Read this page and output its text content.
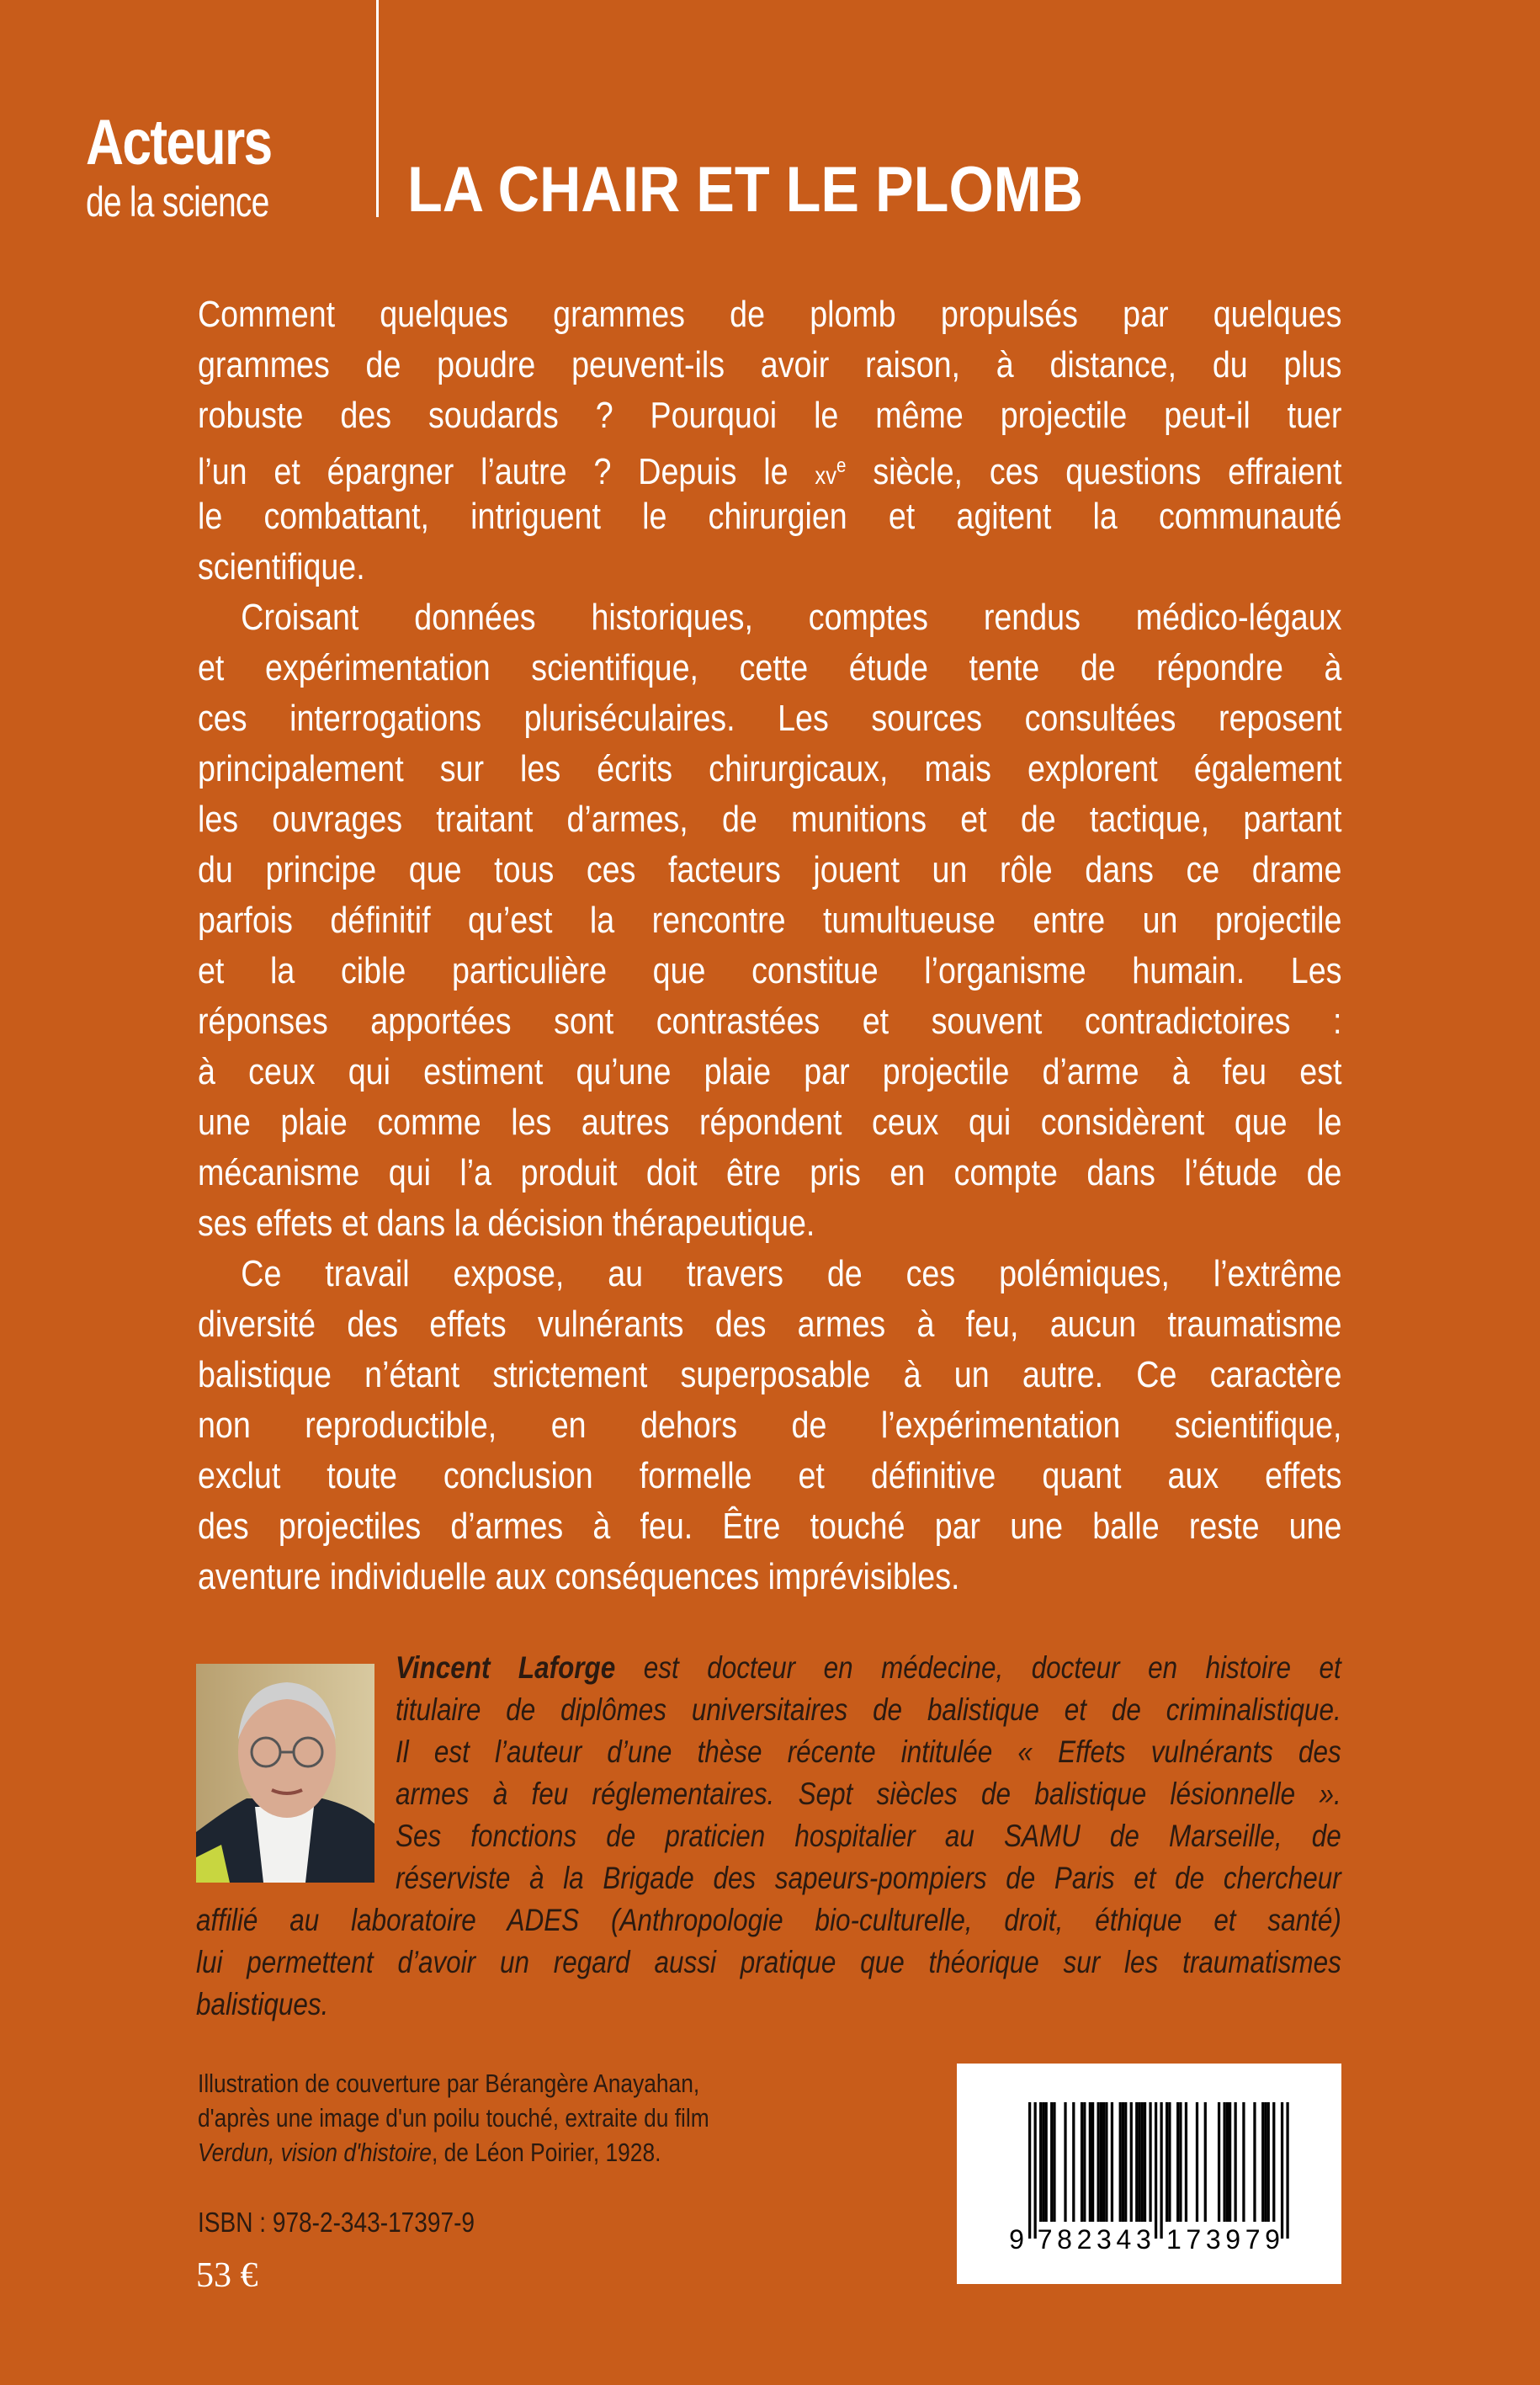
Acteurs
de la science LA CHAIR ET LE PLOMB
Comment quelques grammes de plomb propulsés par quelques
grammes de poudre peuvent-ils avoir raison, à distance, du plus
robuste des soudards ? Pourquoi le même projectile peut-il tuer
l’un et épargner l’autre ? Depuis le $xv^e$ siècle, ces questions effraient
le combattant, intriguent le chirurgien et agitent la communauté
scientifique.
Croisant données historiques, comptes rendus médico-légaux
et expérimentation scientifique, cette étude tente de répondre à
ces interrogations pluriséculaires. Les sources consultées reposent
principalement sur les écrits chirurgicaux, mais explorent également
les ouvrages traitant d’armes, de munitions et de tactique, partant
du principe que tous ces facteurs jouent un rôle dans ce drame
parfois définitif qu’est la rencontre tumultueuse entre un projectile
et la cible particulière que constitue l’organisme humain. Les
réponses apportées sont contrastées et souvent contradictoires :
à ceux qui estiment qu’une plaie par projectile d’arme à feu est
une plaie comme les autres répondent ceux qui considèrent que le
mécanisme qui l’a produit doit être pris en compte dans l’étude de
ses effets et dans la décision thérapeutique.
Ce travail expose, au travers de ces polémiques, l’extrême
diversité des effets vulnérants des armes à feu, aucun traumatisme
balistique n’étant strictement superposable à un autre. Ce caractère
non reproductible, en dehors de l’expérimentation scientifique,
exclut toute conclusion formelle et définitive quant aux effets
des projectiles d’armes à feu. Être touché par une balle reste une
aventure individuelle aux conséquences imprévisibles.
Vincent Laforge est docteur en médecine, docteur en histoire et
titulaire de diplômes universitaires de balistique et de criminalistique.
Il est l’auteur d’une thèse récente intitulée « Effets vulnérants des
armes à feu réglementaires. Sept siècles de balistique lésionnelle ».
Ses fonctions de praticien hospitalier au SAMU de Marseille, de
réserviste à la Brigade des sapeurs-pompiers de Paris et de chercheur
affilié au laboratoire ADES (Anthropologie bio-culturelle, droit, éthique et santé)
lui permettent d’avoir un regard aussi pratique que théorique sur les traumatismes
balistiques.
Illustration de couverture par Bérangère Anayahan,
d'après une image d'un poilu touché, extraite du film
Verdun, vision d'histoire, de Léon Poirier, 1928.
ISBN : 978-2-343-17397-9
53 €
9 782343 173979
